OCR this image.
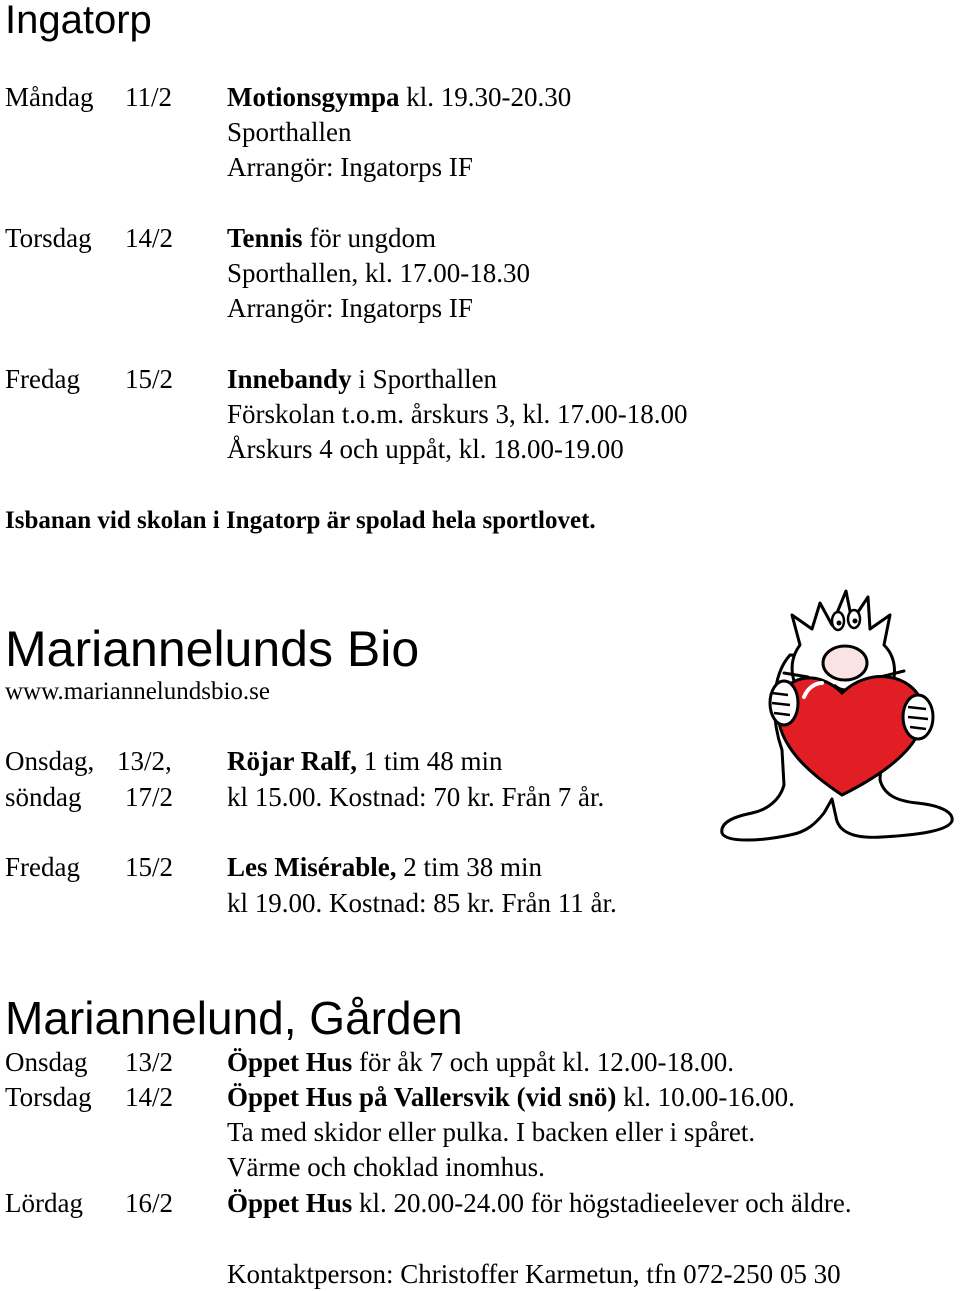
Ingatorp
Måndag 11/2 Motionsgympa kl. 19.30-20.30
Sporthallen
Arrangör: Ingatorps IF
Torsdag 14/2 Tennis för ungdom
Sporthallen, kl. 17.00-18.30
Arrangör: Ingatorps IF
Fredag 15/2 Innebandy i Sporthallen
Förskolan t.o.m. årskurs 3, kl. 17.00-18.00
Årskurs 4 och uppåt, kl. 18.00-19.00
Isbanan vid skolan i Ingatorp är spolad hela sportlovet.
Mariannelunds Bio
www.mariannelundsbio.se
Onsdag, 13/2, Röjar Ralf, 1 tim 48 min
söndag 17/2 kl 15.00. Kostnad: 70 kr. Från 7 år.
Fredag 15/2 Les Misérable, 2 tim 38 min
kl 19.00. Kostnad: 85 kr. Från 11 år.
Mariannelund, Gården
Onsdag 13/2 Öppet Hus för åk 7 och uppåt kl. 12.00-18.00.
Torsdag 14/2 Öppet Hus på Vallersvik (vid snö) kl. 10.00-16.00.
Ta med skidor eller pulka. I backen eller i spåret.
Värme och choklad inomhus.
Lördag 16/2 Öppet Hus kl. 20.00-24.00 för högstadieelever och äldre.
Kontaktperson: Christoffer Karmetun, tfn 072-250 05 30
